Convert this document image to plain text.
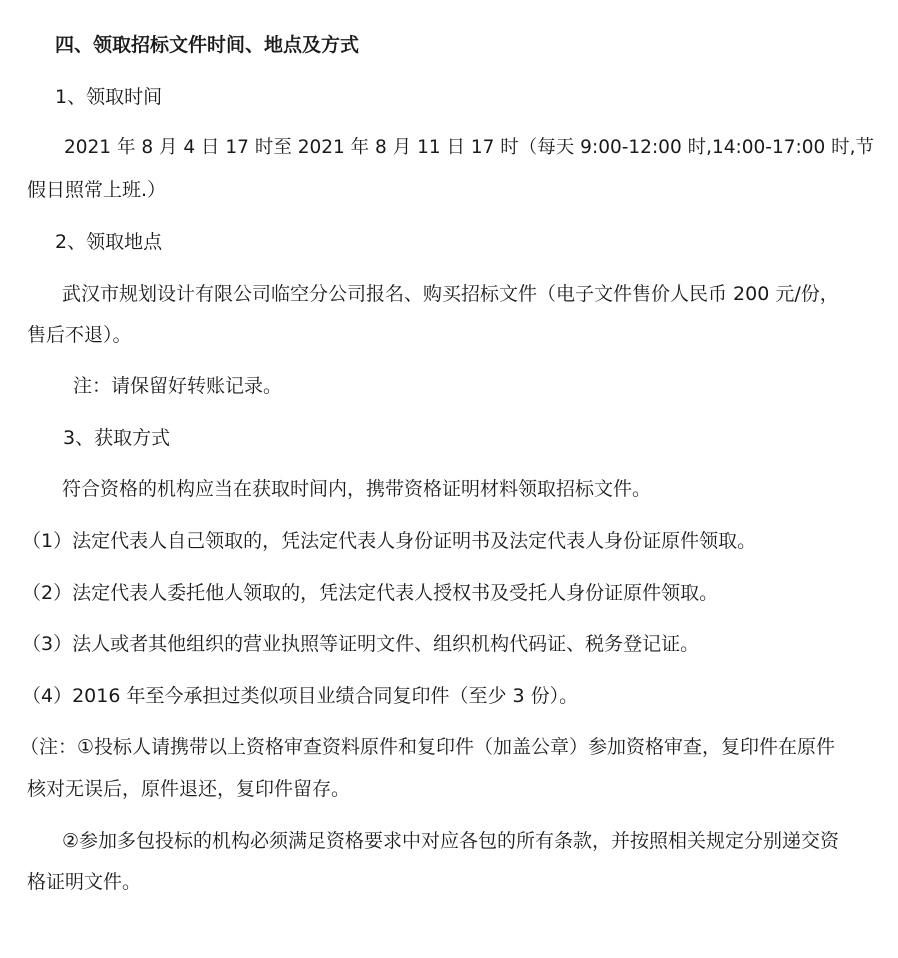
四、领取招标文件时间、地点及方式
1、领取时间
2021 年 8 月 4 日 17 时至 2021 年 8 月 11 日 17 时（每天 9:00-12:00 时,14:00-17:00 时,节
假日照常上班.）
2、领取地点
武汉市规划设计有限公司临空分公司报名、购买招标文件（电子文件售价人民币 200 元/份，
售后不退）。
注：请保留好转账记录。
3、获取方式
符合资格的机构应当在获取时间内，携带资格证明材料领取招标文件。
（1）法定代表人自己领取的，凭法定代表人身份证明书及法定代表人身份证原件领取。
（2）法定代表人委托他人领取的，凭法定代表人授权书及受托人身份证原件领取。
（3）法人或者其他组织的营业执照等证明文件、组织机构代码证、税务登记证。
（4）2016 年至今承担过类似项目业绩合同复印件（至少 3 份）。
（注：①投标人请携带以上资格审查资料原件和复印件（加盖公章）参加资格审查，复印件在原件
核对无误后，原件退还，复印件留存。
②参加多包投标的机构必须满足资格要求中对应各包的所有条款，并按照相关规定分别递交资
格证明文件。
